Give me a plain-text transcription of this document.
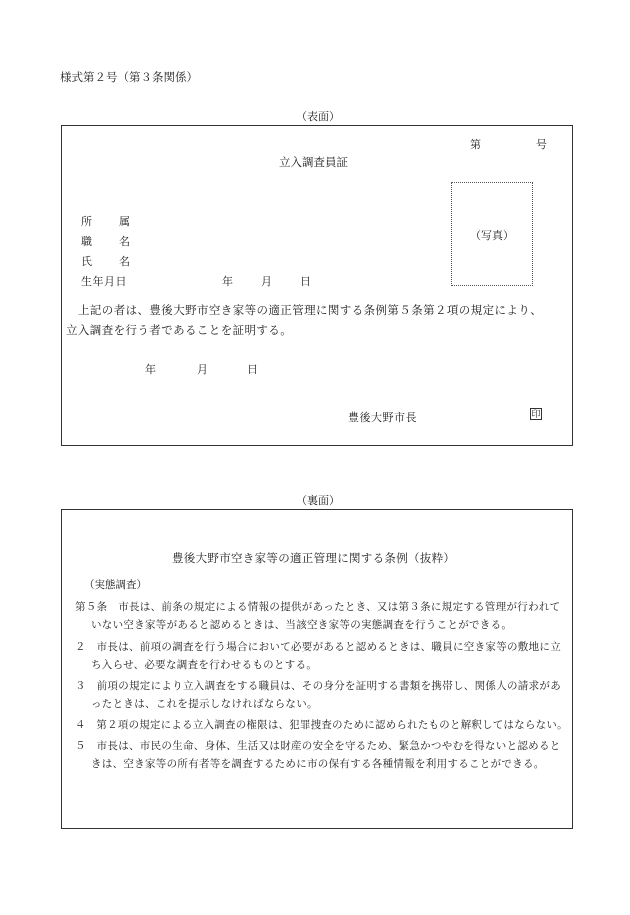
様式第２号（第３条関係）
（表面）
第	号
立入調査員証
所 属
職 名
氏 名
生年月日	年	月	日
（写真）
上記の者は、豊後大野市空き家等の適正管理に関する条例第５条第２項の規定により、
立入調査を行う者であることを証明する。
年	月	日
豊後大野市長	印
（裏面）
豊後大野市空き家等の適正管理に関する条例（抜粋）
（実態調査）
第５条　市長は、前条の規定による情報の提供があったとき、又は第３条に規定する管理が行われて
いない空き家等があると認めるときは、当該空き家等の実態調査を行うことができる。
２　市長は、前項の調査を行う場合において必要があると認めるときは、職員に空き家等の敷地に立
ち入らせ、必要な調査を行わせるものとする。
３　前項の規定により立入調査をする職員は、その身分を証明する書類を携帯し、関係人の請求があ
ったときは、これを提示しなければならない。
４　第２項の規定による立入調査の権限は、犯罪捜査のために認められたものと解釈してはならない。
５　市長は、市民の生命、身体、生活又は財産の安全を守るため、緊急かつやむを得ないと認めると
きは、空き家等の所有者等を調査するために市の保有する各種情報を利用することができる。
